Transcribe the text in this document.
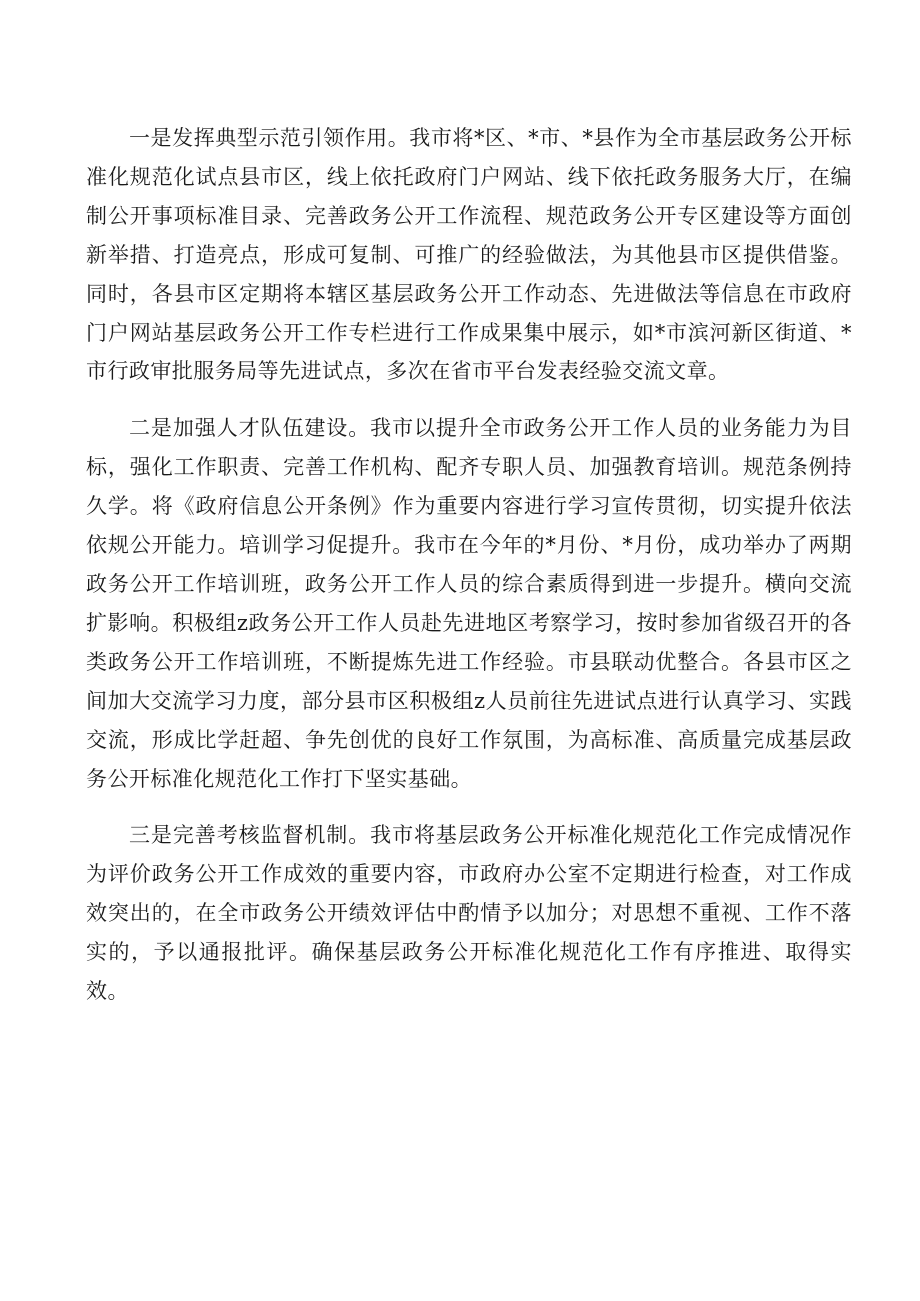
一是发挥典型示范引领作用。我市将*区、*市、*县作为全市基层政务公开标准化规范化试点县市区，线上依托政府门户网站、线下依托政务服务大厅，在编制公开事项标准目录、完善政务公开工作流程、规范政务公开专区建设等方面创新举措、打造亮点，形成可复制、可推广的经验做法，为其他县市区提供借鉴。同时，各县市区定期将本辖区基层政务公开工作动态、先进做法等信息在市政府门户网站基层政务公开工作专栏进行工作成果集中展示，如*市滨河新区街道、*市行政审批服务局等先进试点，多次在省市平台发表经验交流文章。

二是加强人才队伍建设。我市以提升全市政务公开工作人员的业务能力为目标，强化工作职责、完善工作机构、配齐专职人员、加强教育培训。规范条例持久学。将《政府信息公开条例》作为重要内容进行学习宣传贯彻，切实提升依法依规公开能力。培训学习促提升。我市在今年的*月份、*月份，成功举办了两期政务公开工作培训班，政务公开工作人员的综合素质得到进一步提升。横向交流扩影响。积极组z政务公开工作人员赴先进地区考察学习，按时参加省级召开的各类政务公开工作培训班，不断提炼先进工作经验。市县联动优整合。各县市区之间加大交流学习力度，部分县市区积极组z人员前往先进试点进行认真学习、实践交流，形成比学赶超、争先创优的良好工作氛围，为高标准、高质量完成基层政务公开标准化规范化工作打下坚实基础。

三是完善考核监督机制。我市将基层政务公开标准化规范化工作完成情况作为评价政务公开工作成效的重要内容，市政府办公室不定期进行检查，对工作成效突出的，在全市政务公开绩效评估中酌情予以加分；对思想不重视、工作不落实的，予以通报批评。确保基层政务公开标准化规范化工作有序推进、取得实效。
